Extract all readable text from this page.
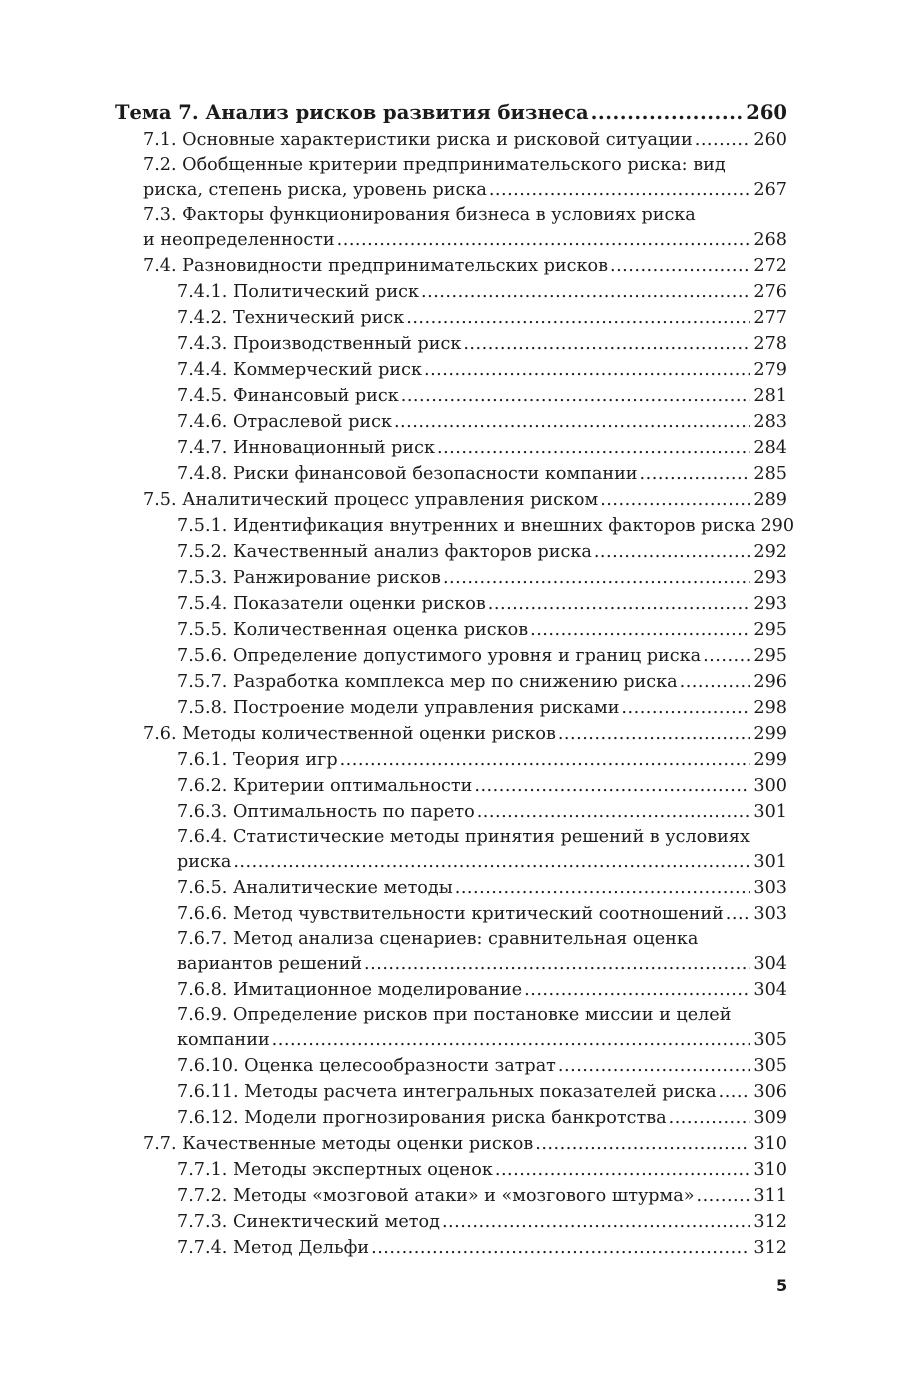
Тема 7. Анализ рисков развития бизнеса .....	260
7.1. Основные характеристики риска и рисковой ситуации .....	260
7.2. Обобщенные критерии предпринимательского риска: вид
риска, степень риска, уровень риска .....	267
7.3. Факторы функционирования бизнеса в условиях риска
и неопределенности .....	268
7.4. Разновидности предпринимательских рисков .....	272
7.4.1. Политический риск .....	276
7.4.2. Технический риск .....	277
7.4.3. Производственный риск .....	278
7.4.4. Коммерческий риск .....	279
7.4.5. Финансовый риск .....	281
7.4.6. Отраслевой риск .....	283
7.4.7. Инновационный риск .....	284
7.4.8. Риски финансовой безопасности компании .....	285
7.5. Аналитический процесс управления риском .....	289
7.5.1. Идентификация внутренних и внешних факторов риска 290
7.5.2. Качественный анализ факторов риска .....	292
7.5.3. Ранжирование рисков .....	293
7.5.4. Показатели оценки рисков .....	293
7.5.5. Количественная оценка рисков .....	295
7.5.6. Определение допустимого уровня и границ риска .....	295
7.5.7. Разработка комплекса мер по снижению риска .....	296
7.5.8. Построение модели управления рисками .....	298
7.6. Методы количественной оценки рисков .....	299
7.6.1. Теория игр .....	299
7.6.2. Критерии оптимальности .....	300
7.6.3. Оптимальность по парето .....	301
7.6.4. Статистические методы принятия решений в условиях
риска .....	301
7.6.5. Аналитические методы .....	303
7.6.6. Метод чувствительности критический соотношений ..... 303
7.6.7. Метод анализа сценариев: сравнительная оценка
вариантов решений .....	304
7.6.8. Имитационное моделирование .....	304
7.6.9. Определение рисков при постановке миссии и целей
компании .....	305
7.6.10. Оценка целесообразности затрат .....	305
7.6.11. Методы расчета интегральных показателей риска ..... 306
7.6.12. Модели прогнозирования риска банкротства .....	309
7.7. Качественные методы оценки рисков .....	310
7.7.1. Методы экспертных оценок .....	310
7.7.2. Методы «мозговой атаки» и «мозгового штурма» .....	311
7.7.3. Синектический метод .....	312
7.7.4. Метод Дельфи .....	312
5
